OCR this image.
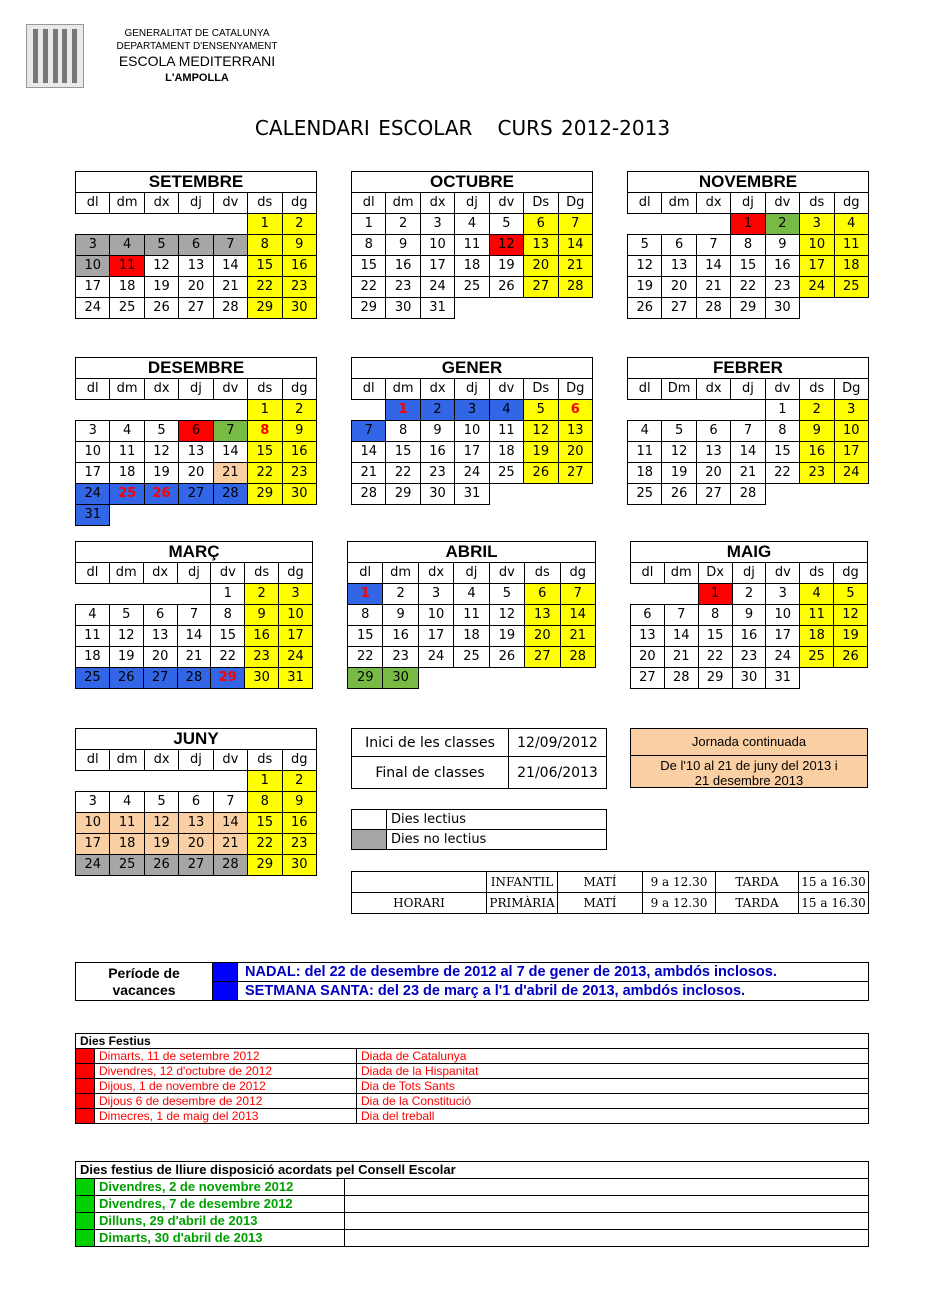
GENERALITAT DE CATALUNYA
DEPARTAMENT D'ENSENYAMENT
ESCOLA MEDITERRANI
L'AMPOLLA
CALENDARI ESCOLAR   CURS 2012-2013
SETEMBRE						
dl	dm	dx	dj	dv	ds	dg
					1	2
3	4	5	6	7	8	9
10	11	12	13	14	15	16
17	18	19	20	21	22	23
24	25	26	27	28	29	30
OCTUBRE						
dl	dm	dx	dj	dv	Ds	Dg
1	2	3	4	5	6	7
8	9	10	11	12	13	14
15	16	17	18	19	20	21
22	23	24	25	26	27	28
29	30	31				
NOVEMBRE						
dl	dm	dx	dj	dv	ds	dg
			1	2	3	4
5	6	7	8	9	10	11
12	13	14	15	16	17	18
19	20	21	22	23	24	25
26	27	28	29	30		
DESEMBRE						
dl	dm	dx	dj	dv	ds	dg
					1	2
3	4	5	6	7	8	9
10	11	12	13	14	15	16
17	18	19	20	21	22	23
24	25	26	27	28	29	30
31						
GENER						
dl	dm	dx	dj	dv	Ds	Dg
	1	2	3	4	5	6
7	8	9	10	11	12	13
14	15	16	17	18	19	20
21	22	23	24	25	26	27
28	29	30	31			
FEBRER						
dl	Dm	dx	dj	dv	ds	Dg
				1	2	3
4	5	6	7	8	9	10
11	12	13	14	15	16	17
18	19	20	21	22	23	24
25	26	27	28			
MARÇ						
dl	dm	dx	dj	dv	ds	dg
				1	2	3
4	5	6	7	8	9	10
11	12	13	14	15	16	17
18	19	20	21	22	23	24
25	26	27	28	29	30	31
ABRIL						
dl	dm	dx	dj	dv	ds	dg
1	2	3	4	5	6	7
8	9	10	11	12	13	14
15	16	17	18	19	20	21
22	23	24	25	26	27	28
29	30					
MAIG						
dl	dm	Dx	dj	dv	ds	dg
		1	2	3	4	5
6	7	8	9	10	11	12
13	14	15	16	17	18	19
20	21	22	23	24	25	26
27	28	29	30	31		
JUNY						
dl	dm	dx	dj	dv	ds	dg
					1	2
3	4	5	6	7	8	9
10	11	12	13	14	15	16
17	18	19	20	21	22	23
24	25	26	27	28	29	30
Inici de les classes	12/09/2012
Final de classes	21/06/2013
Jornada continuada
De l'10 al 21 de juny del 2013 i
21 desembre 2013
	Dies lectius
	Dies no lectius
	INFANTIL	MATÍ	9 a 12.30	TARDA	15 a 16.30
HORARI	PRIMÀRIA	MATÍ	9 a 12.30	TARDA	15 a 16.30
Període de
vacances		NADAL: del 22 de desembre de 2012 al 7 de gener de 2013, ambdós inclosos.
		SETMANA SANTA: del 23 de març a l'1 d'abril de 2013, ambdós inclosos.
Dies Festius		
	Dimarts, 11 de setembre 2012	Diada de Catalunya
	Divendres, 12 d'octubre de 2012	Diada de la Hispanitat
	Dijous, 1 de novembre de 2012	Dia de Tots Sants
	Dijous 6 de desembre de 2012	Dia de la Constitució
	Dimecres, 1 de maig del 2013	Dia del treball
Dies festius de lliure disposició acordats pel Consell Escolar		
	Divendres, 2 de novembre 2012	
	Divendres, 7 de desembre 2012	
	Dilluns, 29 d'abril de 2013	
	Dimarts, 30 d'abril de 2013	
